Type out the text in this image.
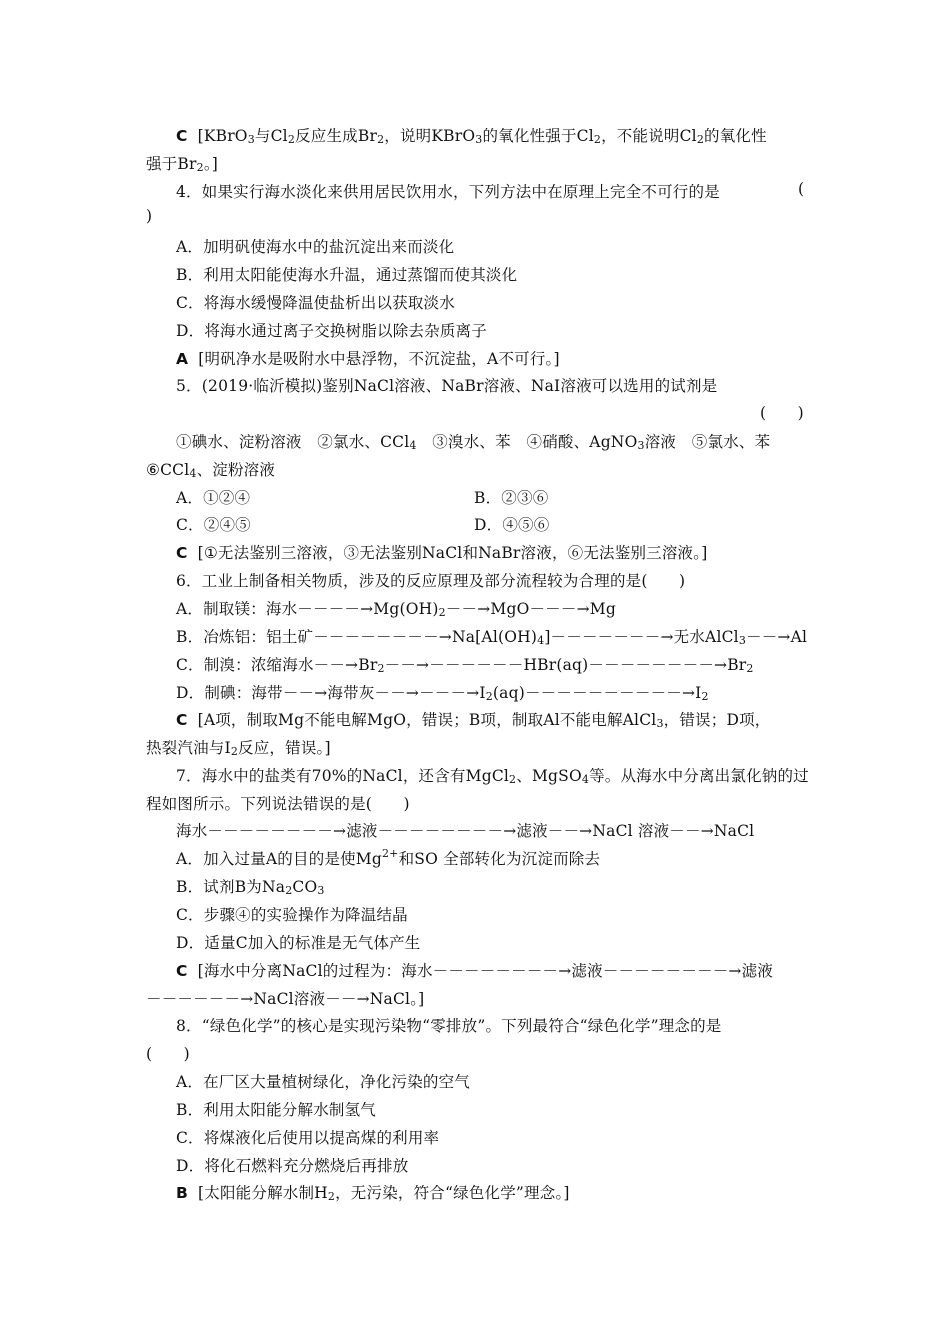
C [KBrO3与Cl2反应生成Br2，说明KBrO3的氧化性强于Cl2，不能说明Cl2的氧化性
强于Br2。]
4．如果实行海水淡化来供用居民饮用水，下列方法中在原理上完全不可行的是	(
)
A．加明矾使海水中的盐沉淀出来而淡化
B．利用太阳能使海水升温，通过蒸馏而使其淡化
C．将海水缓慢降温使盐析出以获取淡水
D．将海水通过离子交换树脂以除去杂质离子
A [明矾净水是吸附水中悬浮物，不沉淀盐，A不可行。]
5．(2019·临沂模拟)鉴别NaCl溶液、NaBr溶液、NaI溶液可以选用的试剂是
(　　)
①碘水、淀粉溶液　②氯水、CCl4　③溴水、苯　④硝酸、AgNO3溶液　⑤氯水、苯
⑥CCl4、淀粉溶液
A．①②④	B．②③⑥
C．②④⑤	D．④⑤⑥
C [①无法鉴别三溶液，③无法鉴别NaCl和NaBr溶液，⑥无法鉴别三溶液。]
6．工业上制备相关物质，涉及的反应原理及部分流程较为合理的是(　　)
A．制取镁：海水－－－－→Mg(OH)2－－→MgO－－－→Mg
B．冶炼铝：铝土矿－－－－－－－－→Na[Al(OH)4]－－－－－－－→无水AlCl3－－→Al
C．制溴：浓缩海水－－→Br2－－→－－－－－－HBr(aq)－－－－－－－－→Br2
D．制碘：海带－－→海带灰－－→－－－→I2(aq)－－－－－－－－－－→I2
C [A项，制取Mg不能电解MgO，错误；B项，制取Al不能电解AlCl3，错误；D项，
热裂汽油与I2反应，错误。]
7．海水中的盐类有70%的NaCl，还含有MgCl2、MgSO4等。从海水中分离出氯化钠的过
程如图所示。下列说法错误的是(　　)
海水－－－－－－－－→滤液－－－－－－－－→滤液－－→NaCl 溶液－－→NaCl
A．加入过量A的目的是使$Mg^{2+}$和SO 全部转化为沉淀而除去
B．试剂B为Na2CO3
C．步骤④的实验操作为降温结晶
D．适量C加入的标准是无气体产生
C [海水中分离NaCl的过程为：海水－－－－－－－－→滤液－－－－－－－－→滤液
－－－－－－→NaCl溶液－－→NaCl。]
8．“绿色化学”的核心是实现污染物“零排放”。下列最符合“绿色化学”理念的是
(　　)
A．在厂区大量植树绿化，净化污染的空气
B．利用太阳能分解水制氢气
C．将煤液化后使用以提高煤的利用率
D．将化石燃料充分燃烧后再排放
B [太阳能分解水制H2，无污染，符合“绿色化学”理念。]
